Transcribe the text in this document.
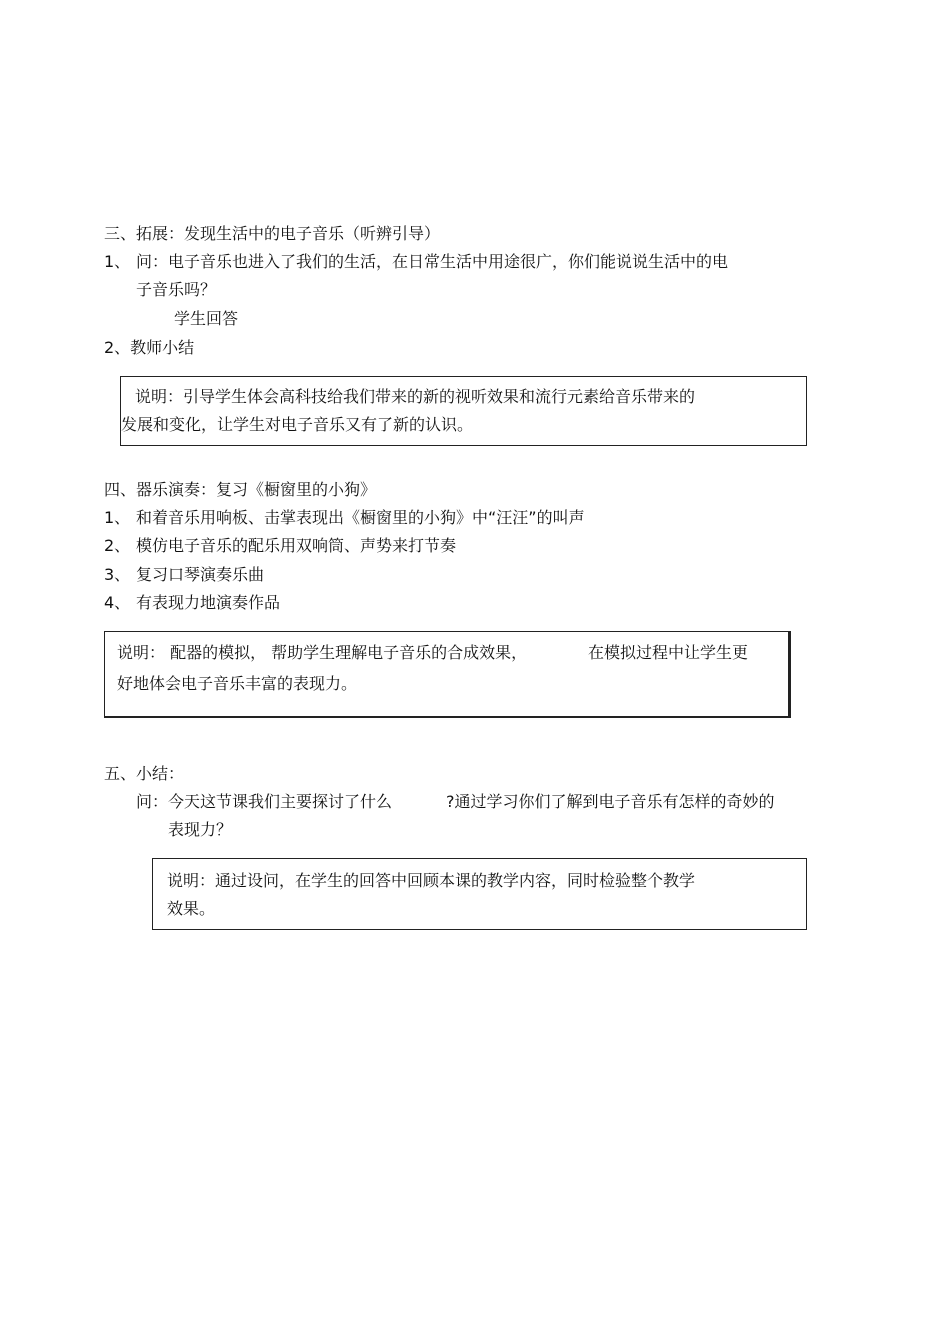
三、拓展：发现生活中的电子音乐（听辨引导）
1、 问：电子音乐也进入了我们的生活，在日常生活中用途很广，你们能说说生活中的电
子音乐吗？
学生回答
2、教师小结
说明：引导学生体会高科技给我们带来的新的视听效果和流行元素给音乐带来的
发展和变化，让学生对电子音乐又有了新的认识。
四、器乐演奏：复习《橱窗里的小狗》
1、 和着音乐用响板、击掌表现出《橱窗里的小狗》中“汪汪”的叫声
2、 模仿电子音乐的配乐用双响筒、声势来打节奏
3、 复习口琴演奏乐曲
4、 有表现力地演奏作品
说明： 配器的模拟， 帮助学生理解电子音乐的合成效果，	在模拟过程中让学生更
好地体会电子音乐丰富的表现力。
五、小结：
问：今天这节课我们主要探讨了什么	?通过学习你们了解到电子音乐有怎样的奇妙的
表现力？
说明：通过设问，在学生的回答中回顾本课的教学内容，同时检验整个教学
效果。
